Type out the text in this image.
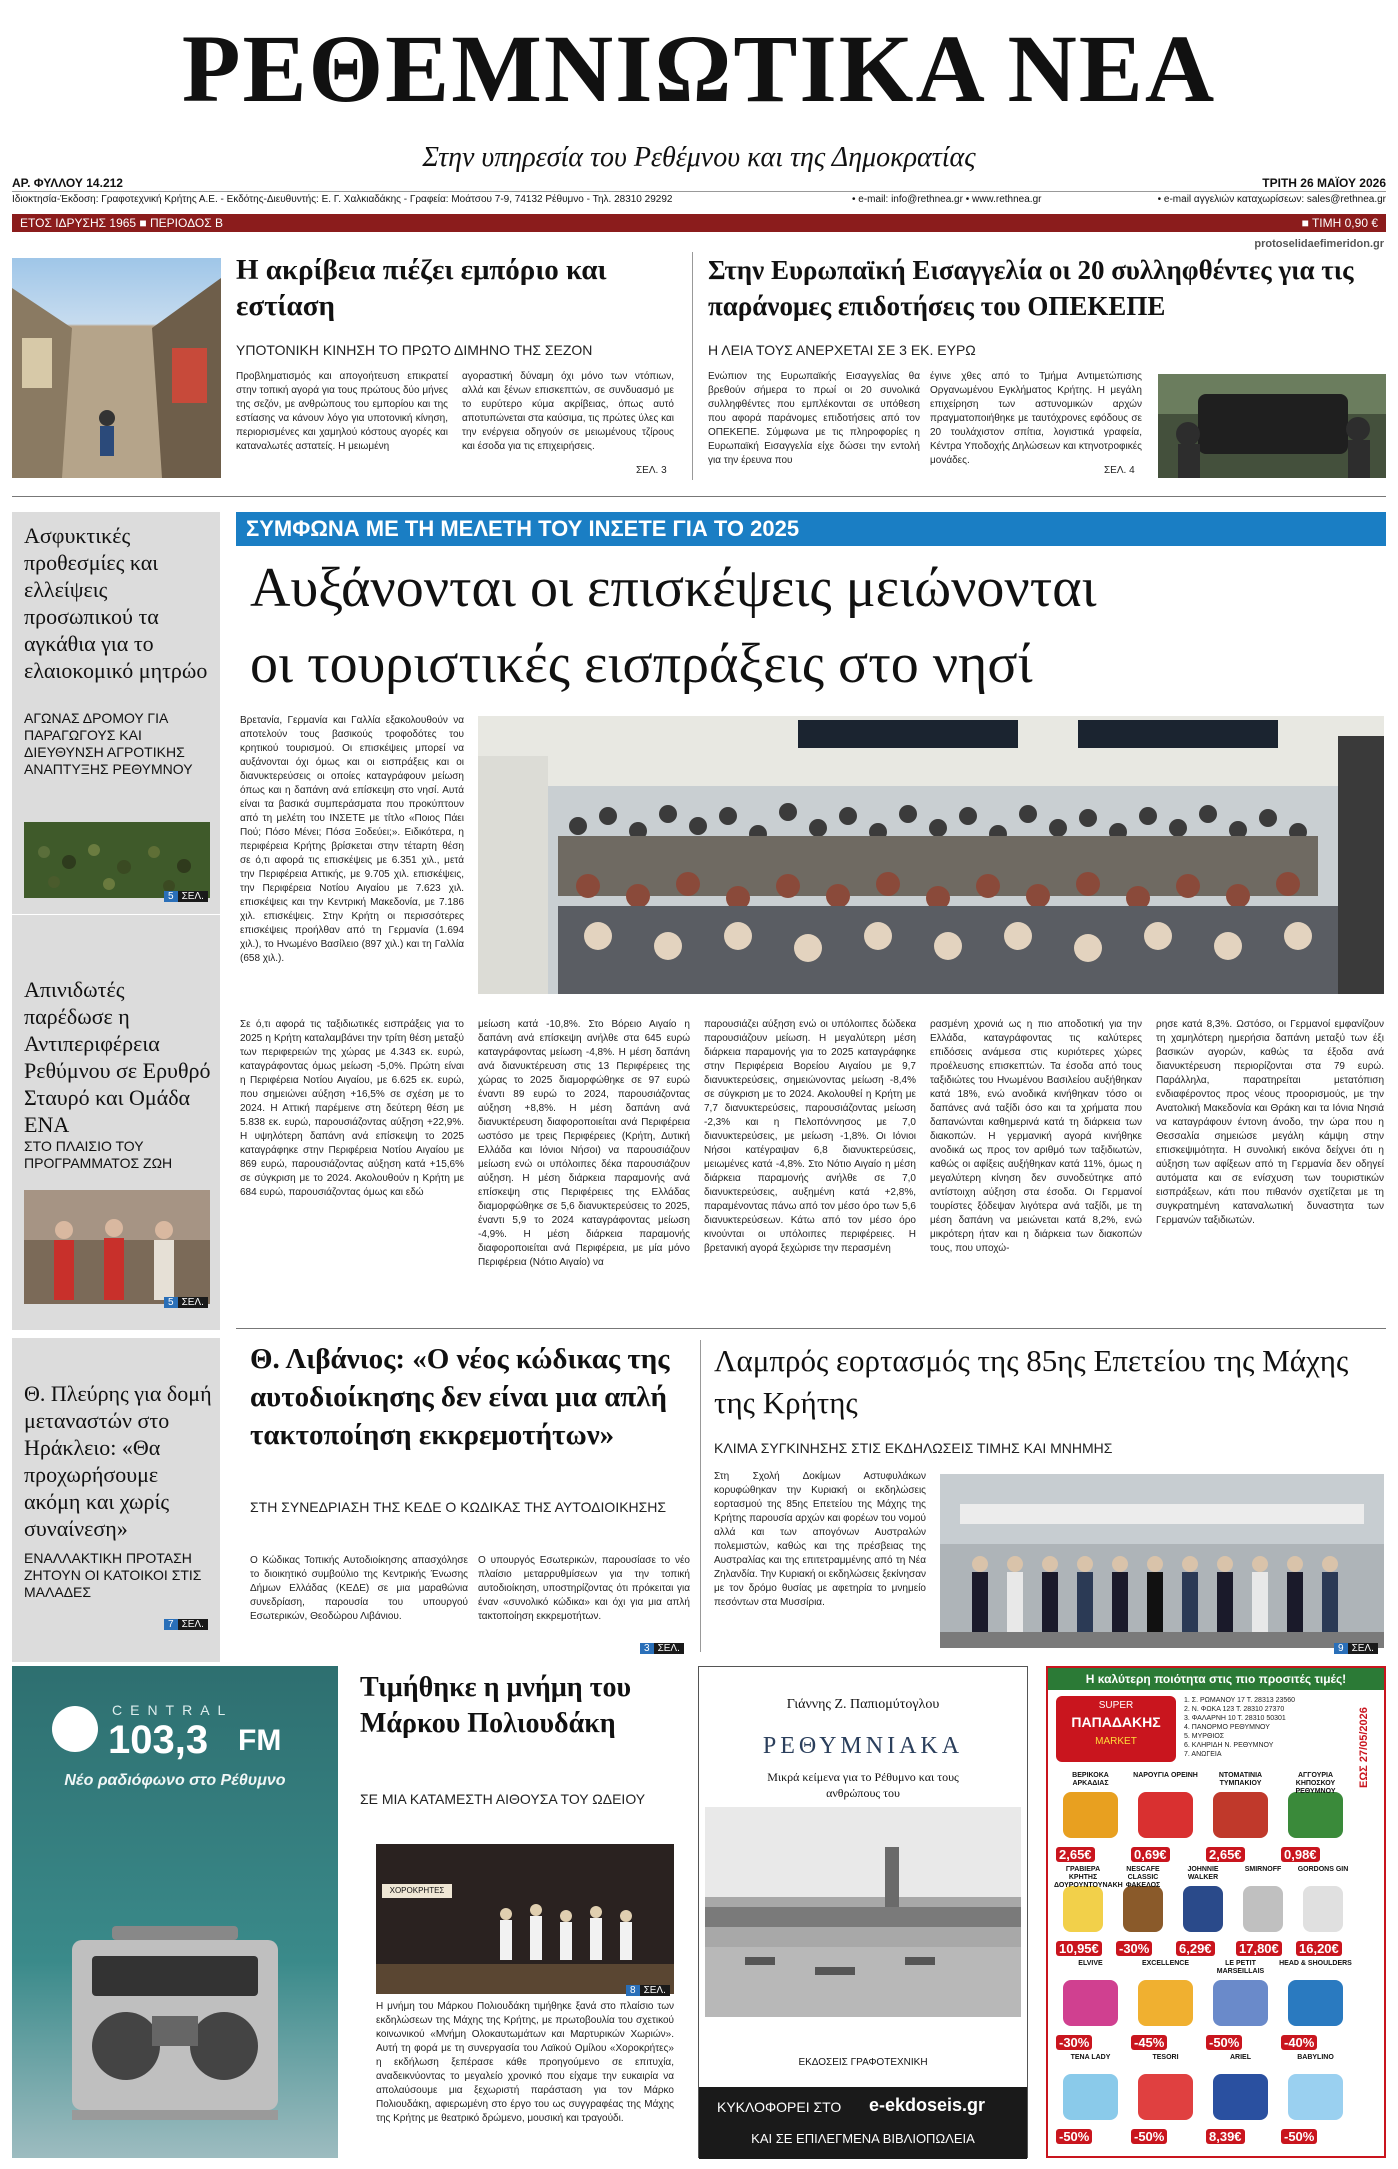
ΡΕΘΕΜΝΙΩΤΙΚΑ ΝΕΑ
Στην υπηρεσία του Ρεθέμνου και της Δημοκρατίας
ΑΡ. ΦΥΛΛΟΥ 14.212	ΤΡΙΤΗ 26 ΜΑΪΟΥ 2026
Ιδιοκτησία-Έκδοση: Γραφοτεχνική Κρήτης Α.Ε. - Εκδότης-Διευθυντής: Ε. Γ. Χαλκιαδάκης - Γραφεία: Μοάτσου 7-9, 74132 Ρέθυμνο - Τηλ. 28310 29292	• e-mail: info@rethnea.gr • www.rethnea.gr	• e-mail αγγελιών καταχωρίσεων: sales@rethnea.gr
ΕΤΟΣ ΙΔΡΥΣΗΣ 1965 ■ ΠΕΡΙΟΔΟΣ Β	■ ΤΙΜΗ 0,90 €
protoselidaefimeridon.gr
Η ακρίβεια πιέζει εμπόριο και εστίαση
ΥΠΟΤΟΝΙΚΗ ΚΙΝΗΣΗ ΤΟ ΠΡΩΤΟ ΔΙΜΗΝΟ ΤΗΣ ΣΕΖΟΝ
Προβληματισμός και απογοήτευση επικρατεί στην τοπική αγορά για τους πρώτους δύο μήνες της σεζόν, με ανθρώπους του εμπορίου και της εστίασης να κάνουν λόγο για υποτονική κίνηση, περιορισμένες και χαμηλού κόστους αγορές και καταναλωτές αστατείς. Η μειωμένη
αγοραστική δύναμη όχι μόνο των ντόπιων, αλλά και ξένων επισκεπτών, σε συνδυασμό με το ευρύτερο κύμα ακρίβειας, όπως αυτό αποτυπώνεται στα καύσιμα, τις πρώτες ύλες και την ενέργεια οδηγούν σε μειωμένους τζίρους και έσοδα για τις επιχειρήσεις.
ΣΕΛ. 3
Στην Ευρωπαϊκή Εισαγγελία οι 20 συλληφθέντες για τις παράνομες επιδοτήσεις του ΟΠΕΚΕΠΕ
Η ΛΕΙΑ ΤΟΥΣ ΑΝΕΡΧΕΤΑΙ ΣΕ 3 ΕΚ. ΕΥΡΩ
Ενώπιον της Ευρωπαϊκής Εισαγγελίας θα βρεθούν σήμερα το πρωί οι 20 συνολικά συλληφθέντες που εμπλέκονται σε υπόθεση που αφορά παράνομες επιδοτήσεις από τον ΟΠΕΚΕΠΕ. Σύμφωνα με τις πληροφορίες η Ευρωπαϊκή Εισαγγελία είχε δώσει την εντολή για την έρευνα που
έγινε χθες από το Τμήμα Αντιμετώπισης Οργανωμένου Εγκλήματος Κρήτης. Η μεγάλη επιχείρηση των αστυνομικών αρχών πραγματοποιήθηκε με ταυτόχρονες εφόδους σε 20 τουλάχιστον σπίτια, λογιστικά γραφεία, Κέντρα Υποδοχής Δηλώσεων και κτηνοτροφικές μονάδες.
ΣΕΛ. 4
Ασφυκτικές προθεσμίες και ελλείψεις προσωπικού τα αγκάθια για το ελαιοκομικό μητρώο
ΑΓΩΝΑΣ ΔΡΟΜΟΥ ΓΙΑ ΠΑΡΑΓΩΓΟΥΣ ΚΑΙ ΔΙΕΥΘΥΝΣΗ ΑΓΡΟΤΙΚΗΣ ΑΝΑΠΤΥΞΗΣ ΡΕΘΥΜΝΟΥ
5 ΣΕΛ.
Απινιδωτές παρέδωσε η Αντιπεριφέρεια Ρεθύμνου σε Ερυθρό Σταυρό και Ομάδα ΕΝΑ
ΣΤΟ ΠΛΑΙΣΙΟ ΤΟΥ ΠΡΟΓΡΑΜΜΑΤΟΣ ΖΩΗ
5 ΣΕΛ.
Θ. Πλεύρης για δομή μεταναστών στο Ηράκλειο: «Θα προχωρήσουμε ακόμη και χωρίς συναίνεση»
ΕΝΑΛΛΑΚΤΙΚΗ ΠΡΟΤΑΣΗ ΖΗΤΟΥΝ ΟΙ ΚΑΤΟΙΚΟΙ ΣΤΙΣ ΜΑΛΑΔΕΣ
7 ΣΕΛ.
ΣΥΜΦΩΝΑ ΜΕ ΤΗ ΜΕΛΕΤΗ ΤΟΥ ΙΝΣΕΤΕ ΓΙΑ ΤΟ 2025
Αυξάνονται οι επισκέψεις μειώνονται
οι τουριστικές εισπράξεις στο νησί
Βρετανία, Γερμανία και Γαλλία εξακολουθούν να αποτελούν τους βασικούς τροφοδότες του κρητικού τουρισμού. Οι επισκέψεις μπορεί να αυξάνονται όχι όμως και οι εισπράξεις και οι διανυκτερεύσεις οι οποίες καταγράφουν μείωση όπως και η δαπάνη ανά επίσκεψη στο νησί. Αυτά είναι τα βασικά συμπεράσματα που προκύπτουν από τη μελέτη του ΙΝΣΕΤΕ με τίτλο «Ποιος Πάει Πού; Πόσο Μένει; Πόσα Ξοδεύει;». Ειδικότερα, η περιφέρεια Κρήτης βρίσκεται στην τέταρτη θέση σε ό,τι αφορά τις επισκέψεις με 6.351 χιλ., μετά την Περιφέρεια Αττικής, με 9.705 χιλ. επισκέψεις, την Περιφέρεια Νοτίου Αιγαίου με 7.623 χιλ. επισκέψεις και την Κεντρική Μακεδονία, με 7.186 χιλ. επισκέψεις. Στην Κρήτη οι περισσότερες επισκέψεις προήλθαν από τη Γερμανία (1.694 χιλ.), το Ηνωμένο Βασίλειο (897 χιλ.) και τη Γαλλία (658 χιλ.).
Σε ό,τι αφορά τις ταξιδιωτικές εισπράξεις για το 2025 η Κρήτη καταλαμβάνει την τρίτη θέση μεταξύ των περιφερειών της χώρας με 4.343 εκ. ευρώ, καταγράφοντας όμως μείωση -5,0%. Πρώτη είναι η Περιφέρεια Νοτίου Αιγαίου, με 6.625 εκ. ευρώ, που σημειώνει αύξηση +16,5% σε σχέση με το 2024. Η Αττική παρέμεινε στη δεύτερη θέση με 5.838 εκ. ευρώ, παρουσιάζοντας αύξηση +22,9%. Η υψηλότερη δαπάνη ανά επίσκεψη το 2025 καταγράφηκε στην Περιφέρεια Νοτίου Αιγαίου με 869 ευρώ, παρουσιάζοντας αύξηση κατά +15,6% σε σύγκριση με το 2024. Ακολουθούν η Κρήτη με 684 ευρώ, παρουσιάζοντας όμως και εδώ
μείωση κατά -10,8%. Στο Βόρειο Αιγαίο η δαπάνη ανά επίσκεψη ανήλθε στα 645 ευρώ καταγράφοντας μείωση -4,8%. Η μέση δαπάνη ανά διανυκτέρευση στις 13 Περιφέρειες της χώρας το 2025 διαμορφώθηκε σε 97 ευρώ έναντι 89 ευρώ το 2024, παρουσιάζοντας αύξηση +8,8%. Η μέση δαπάνη ανά διανυκτέρευση διαφοροποιείται ανά Περιφέρεια ωστόσο με τρεις Περιφέρειες (Κρήτη, Δυτική Ελλάδα και Ιόνιοι Νήσοι) να παρουσιάζουν μείωση ενώ οι υπόλοιπες δέκα παρουσιάζουν αύξηση. Η μέση διάρκεια παραμονής ανά επίσκεψη στις Περιφέρειες της Ελλάδας διαμορφώθηκε σε 5,6 διανυκτερεύσεις το 2025, έναντι 5,9 το 2024 καταγράφοντας μείωση -4,9%. Η μέση διάρκεια παραμονής διαφοροποιείται ανά Περιφέρεια, με μία μόνο Περιφέρεια (Νότιο Αιγαίο) να
παρουσιάζει αύξηση ενώ οι υπόλοιπες δώδεκα παρουσιάζουν μείωση. Η μεγαλύτερη μέση διάρκεια παραμονής για το 2025 καταγράφηκε στην Περιφέρεια Βορείου Αιγαίου με 9,7 διανυκτερεύσεις, σημειώνοντας μείωση -8,4% σε σύγκριση με το 2024. Ακολουθεί η Κρήτη με 7,7 διανυκτερεύσεις, παρουσιάζοντας μείωση -2,3% και η Πελοπόννησος με 7,0 διανυκτερεύσεις, με μείωση -1,8%. Οι Ιόνιοι Νήσοι κατέγραψαν 6,8 διανυκτερεύσεις, μειωμένες κατά -4,8%. Στο Νότιο Αιγαίο η μέση διάρκεια παραμονής ανήλθε σε 7,0 διανυκτερεύσεις, αυξημένη κατά +2,8%, παραμένοντας πάνω από τον μέσο όρο των 5,6 διανυκτερεύσεων. Κάτω από τον μέσο όρο κινούνται οι υπόλοιπες περιφέρειες. Η βρετανική αγορά ξεχώρισε την περασμένη
ρασμένη χρονιά ως η πιο αποδοτική για την Ελλάδα, καταγράφοντας τις καλύτερες επιδόσεις ανάμεσα στις κυριότερες χώρες προέλευσης επισκεπτών. Τα έσοδα από τους ταξιδιώτες του Ηνωμένου Βασιλείου αυξήθηκαν κατά 18%, ενώ ανοδικά κινήθηκαν τόσο οι δαπάνες ανά ταξίδι όσο και τα χρήματα που δαπανώνται καθημερινά κατά τη διάρκεια των διακοπών. Η γερμανική αγορά κινήθηκε ανοδικά ως προς τον αριθμό των ταξιδιωτών, καθώς οι αφίξεις αυξήθηκαν κατά 11%, όμως η μεγαλύτερη κίνηση δεν συνοδεύτηκε από αντίστοιχη αύξηση στα έσοδα. Οι Γερμανοί τουρίστες ξόδεψαν λιγότερα ανά ταξίδι, με τη μέση δαπάνη να μειώνεται κατά 8,2%, ενώ μικρότερη ήταν και η διάρκεια των διακοπών τους, που υποχώ-
ρησε κατά 8,3%. Ωστόσο, οι Γερμανοί εμφανίζουν τη χαμηλότερη ημερήσια δαπάνη μεταξύ των έξι βασικών αγορών, καθώς τα έξοδα ανά διανυκτέρευση περιορίζονται στα 79 ευρώ. Παράλληλα, παρατηρείται μετατόπιση ενδιαφέροντος προς νέους προορισμούς, με την Ανατολική Μακεδονία και Θράκη και τα Ιόνια Νησιά να καταγράφουν έντονη άνοδο, την ώρα που η Θεσσαλία σημειώσε μεγάλη κάμψη στην επισκεψιμότητα. Η συνολική εικόνα δείχνει ότι η αύξηση των αφίξεων από τη Γερμανία δεν οδηγεί αυτόματα και σε ενίσχυση των τουριστικών εισπράξεων, κάτι που πιθανόν σχετίζεται με τη συγκρατημένη καταναλωτική δυναστητα των Γερμανών ταξιδιωτών.
Θ. Λιβάνιος: «Ο νέος κώδικας της αυτοδιοίκησης δεν είναι μια απλή τακτοποίηση εκκρεμοτήτων»
ΣΤΗ ΣΥΝΕΔΡΙΑΣΗ ΤΗΣ ΚΕΔΕ Ο ΚΩΔΙΚΑΣ ΤΗΣ ΑΥΤΟΔΙΟΙΚΗΣΗΣ
Ο Κώδικας Τοπικής Αυτοδιοίκησης απασχόλησε το διοικητικό συμβούλιο της Κεντρικής Ένωσης Δήμων Ελλάδας (ΚΕΔΕ) σε μια μαραθώνια συνεδρίαση, παρουσία του υπουργού Εσωτερικών, Θεοδώρου Λιβάνιου.
Ο υπουργός Εσωτερικών, παρουσίασε το νέο πλαίσιο μεταρρυθμίσεων για την τοπική αυτοδιοίκηση, υποστηρίζοντας ότι πρόκειται για έναν «συνολικό κώδικα» και όχι για μια απλή τακτοποίηση εκκρεμοτήτων.
3 ΣΕΛ.
Λαμπρός εορτασμός της 85ης Επετείου της Μάχης της Κρήτης
ΚΛΙΜΑ ΣΥΓΚΙΝΗΣΗΣ ΣΤΙΣ ΕΚΔΗΛΩΣΕΙΣ ΤΙΜΗΣ ΚΑΙ ΜΝΗΜΗΣ
Στη Σχολή Δοκίμων Αστυφυλάκων κορυφώθηκαν την Κυριακή οι εκδηλώσεις εορτασμού της 85ης Επετείου της Μάχης της Κρήτης παρουσία αρχών και φορέων του νομού αλλά και των απογόνων Αυστραλών πολεμιστών, καθώς και της πρέσβειας της Αυστραλίας και της επιτετραμμένης από τη Νέα Ζηλανδία. Την Κυριακή οι εκδηλώσεις ξεκίνησαν με τον δρόμο θυσίας με αφετηρία το μνημείο πεσόντων στα Μυσσίρια.
9 ΣΕΛ.
CENTRAL
103,3 FM
Νέο ραδιόφωνο στο Ρέθυμνο
Τιμήθηκε η μνήμη του Μάρκου Πολιουδάκη
ΣΕ ΜΙΑ ΚΑΤΑΜΕΣΤΗ ΑΙΘΟΥΣΑ ΤΟΥ ΩΔΕΙΟΥ
ΧΟΡΟΚΡΗΤΕΣ
8 ΣΕΛ.
Η μνήμη του Μάρκου Πολιουδάκη τιμήθηκε ξανά στο πλαίσιο των εκδηλώσεων της Μάχης της Κρήτης, με πρωτοβουλία του σχετικού κοινωνικού «Μνήμη Ολοκαυτωμάτων και Μαρτυρικών Χωριών». Αυτή τη φορά με τη συνεργασία του Λαϊκού Ομίλου «Χοροκρήτες» η εκδήλωση ξεπέρασε κάθε προηγούμενο σε επιτυχία, αναδεικνύοντας το μεγαλείο χρονικό που είχαμε την ευκαιρία να απολαύσουμε μια ξεχωριστή παράσταση για τον Μάρκο Πολιουδάκη, αφιερωμένη στο έργο του ως συγγραφέας της Μάχης της Κρήτης με θεατρικό δρώμενο, μουσική και τραγούδι.
Γιάννης Ζ. Παπιομύτογλου
ΡΕΘΥΜΝΙΑΚΑ
Μικρά κείμενα για το Ρέθυμνο και τους ανθρώπους του
ΕΚΔΟΣΕΙΣ ΓΡΑΦΟΤΕΧΝΙΚΗ
ΚΥΚΛΟΦΟΡΕΙ ΣΤΟ e-ekdoseis.gr
ΚΑΙ ΣΕ ΕΠΙΛΕΓΜΕΝΑ ΒΙΒΛΙΟΠΩΛΕΙΑ
Η καλύτερη ποιότητα στις πιο προσιτές τιμές!
SUPER
ΠΑΠΑΔΑΚΗΣ
MARKET
1. Σ. ΡΩΜΑΝΟΥ 17 Τ. 28313 23560
2. Ν. ΦΩΚΑ 123 Τ. 28310 27370
3. ΦΑΛΑΡΝΗ 10 Τ. 28310 50301
4. ΠΑΝΟΡΜΟ ΡΕΘΥΜΝΟΥ
5. ΜΥΡΘΙΟΣ
6. ΚΛΗΡΙΔΗ Ν. ΡΕΘΥΜΝΟΥ
7. ΑΝΩΓΕΙΑ	ΕΩΣ 27/05/2026
ΒΕΡΙΚΟΚΑ ΑΡΚΑΔΙΑΣ
2,65€
ΝΑΡΟΥΓΙΑ ΟΡΕΙΝΗ
0,69€
ΝΤΟΜΑΤΙΝΙΑ ΤΥΜΠΑΚΙΟΥ
2,65€
ΑΓΓΟΥΡΙΑ ΚΗΠΟΣΚΟΥ ΡΕΘΥΜΝΟΥ
0,98€
ΓΡΑΒΙΕΡΑ ΚΡΗΤΗΣ ΔΟΥΡΟΥΝΤΟΥΝΑΚΗ
10,95€
NESCAFE CLASSIC ΦΑΚΕΛΟΣ
-30%
JOHNNIE WALKER
6,29€
SMIRNOFF
17,80€
GORDONS GIN
16,20€
ELVIVE
-30%
EXCELLENCE
-45%
LE PETIT MARSEILLAIS
-50%
HEAD & SHOULDERS
-40%
TENA LADY
-50%
TESORI
-50%
ARIEL
8,39€
BABYLINO
-50%
